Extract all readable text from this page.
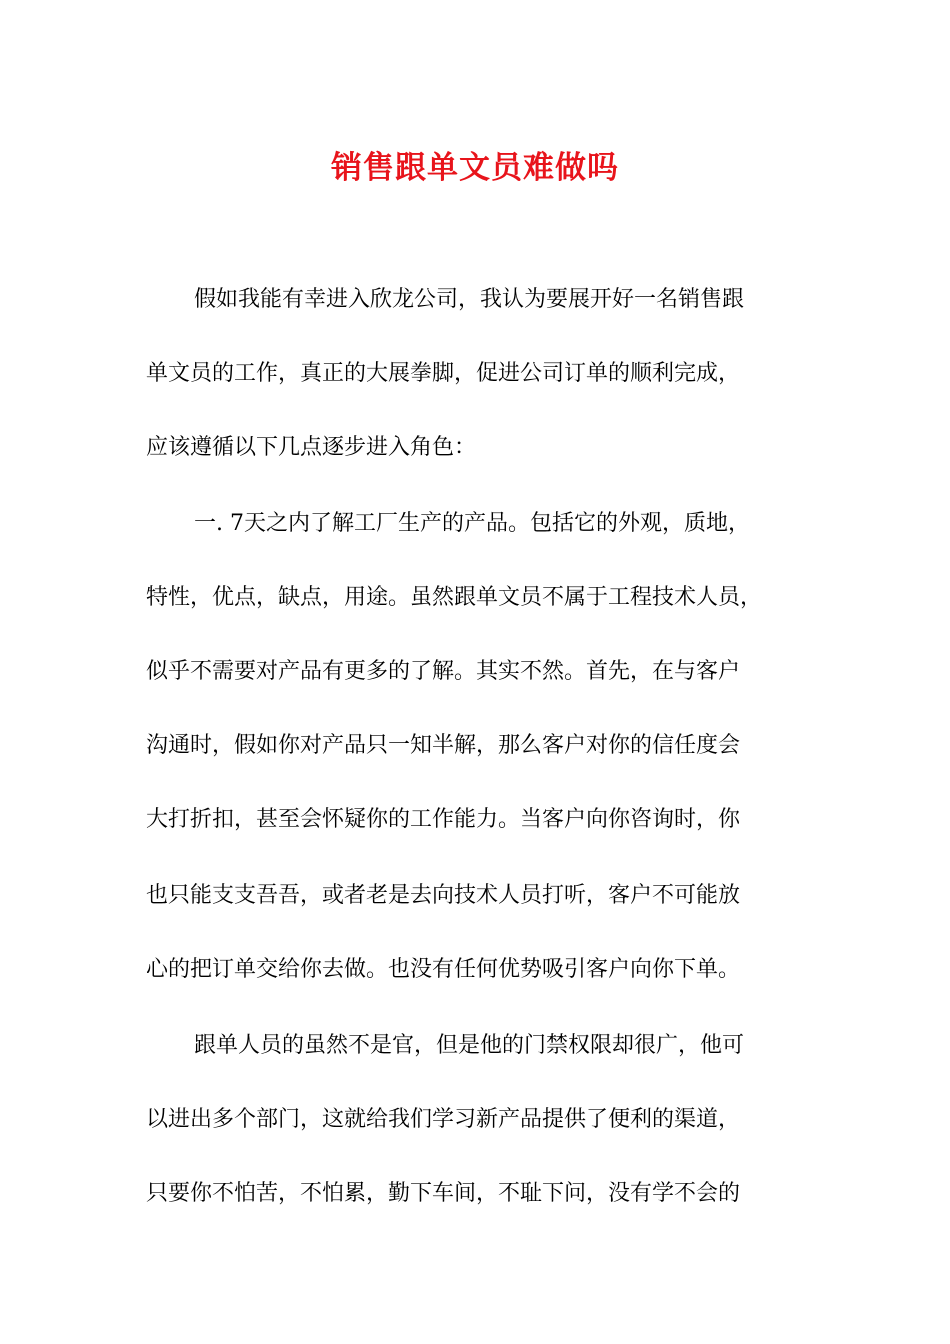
销售跟单文员难做吗

假如我能有幸进入欣龙公司，我认为要展开好一名销售跟

单文员的工作，真正的大展拳脚，促进公司订单的顺利完成，

应该遵循以下几点逐步进入角色：

一. 7天之内了解工厂生产的产品。包括它的外观，质地，

特性，优点，缺点，用途。虽然跟单文员不属于工程技术人员，

似乎不需要对产品有更多的了解。其实不然。首先，在与客户

沟通时，假如你对产品只一知半解，那么客户对你的信任度会

大打折扣，甚至会怀疑你的工作能力。当客户向你咨询时，你

也只能支支吾吾，或者老是去向技术人员打听，客户不可能放

心的把订单交给你去做。也没有任何优势吸引客户向你下单。

跟单人员的虽然不是官，但是他的门禁权限却很广，他可

以进出多个部门，这就给我们学习新产品提供了便利的渠道，

只要你不怕苦，不怕累，勤下车间，不耻下问，没有学不会的
